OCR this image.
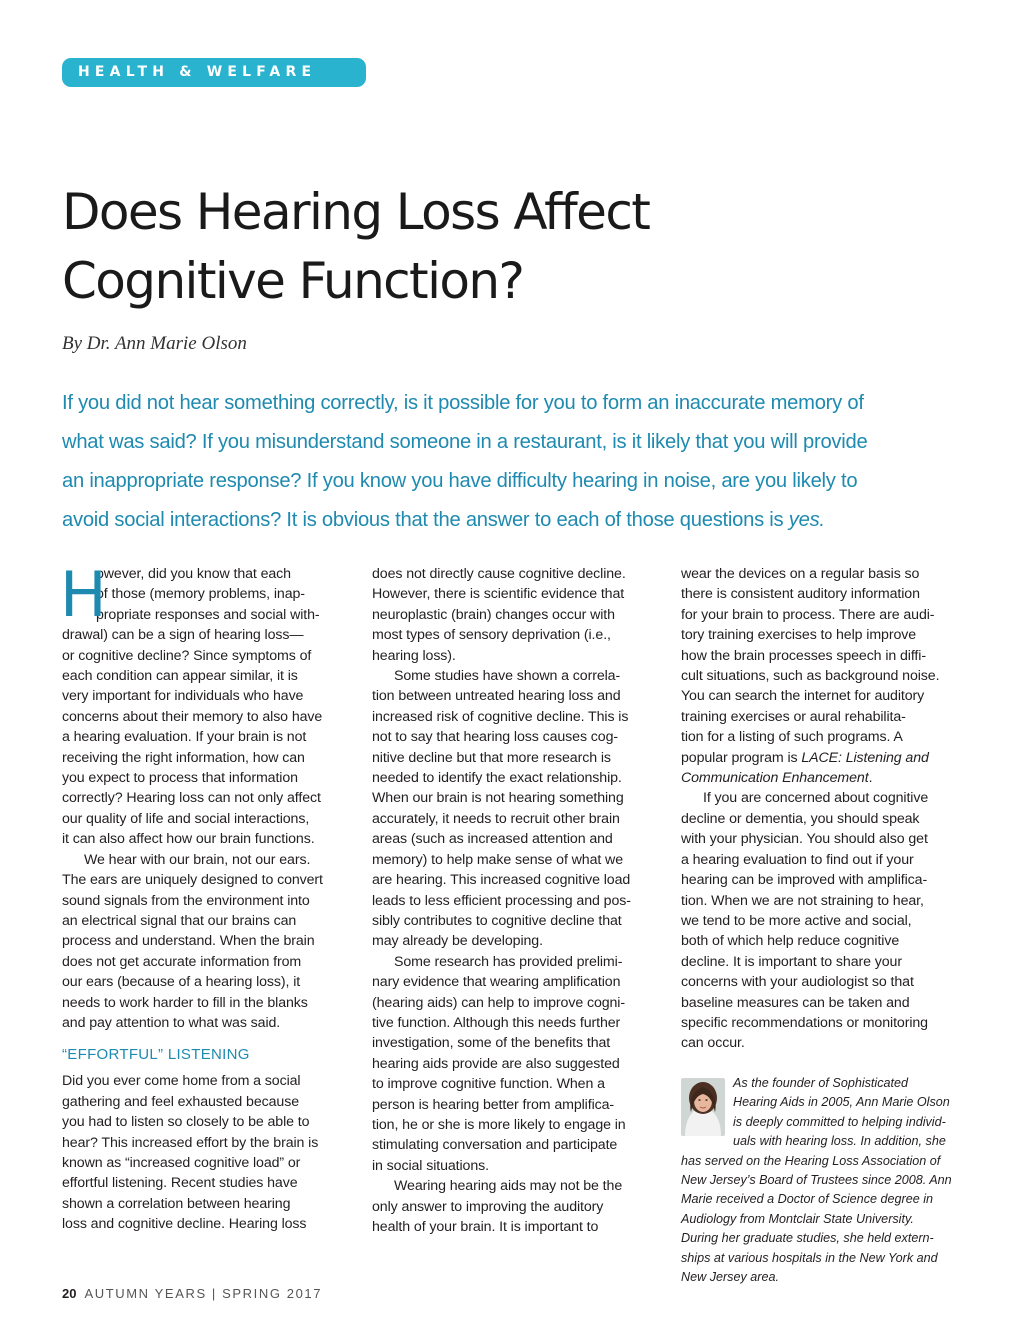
HEALTH & WELFARE
Does Hearing Loss Affect
Cognitive Function?

By Dr. Ann Marie Olson

If you did not hear something correctly, is it possible for you to form an inaccurate memory of
what was said? If you misunderstand someone in a restaurant, is it likely that you will provide
an inappropriate response? If you know you have difficulty hearing in noise, are you likely to
avoid social interactions? It is obvious that the answer to each of those questions is yes.
H
owever, did you know that each
of those (memory problems, inap-
propriate responses and social with-

drawal) can be a sign of hearing loss—
or cognitive decline? Since symptoms of
each condition can appear similar, it is
very important for individuals who have
concerns about their memory to also have
a hearing evaluation. If your brain is not
receiving the right information, how can
you expect to process that information
correctly? Hearing loss can not only affect
our quality of life and social interactions,
it can also affect how our brain functions.

We hear with our brain, not our ears.
The ears are uniquely designed to convert
sound signals from the environment into
an electrical signal that our brains can
process and understand. When the brain
does not get accurate information from
our ears (because of a hearing loss), it
needs to work harder to fill in the blanks
and pay attention to what was said.

“EFFORTFUL” LISTENING

Did you ever come home from a social
gathering and feel exhausted because
you had to listen so closely to be able to
hear? This increased effort by the brain is
known as “increased cognitive load” or
effortful listening. Recent studies have
shown a correlation between hearing
loss and cognitive decline. Hearing loss

does not directly cause cognitive decline.
However, there is scientific evidence that
neuroplastic (brain) changes occur with
most types of sensory deprivation (i.e.,
hearing loss).

Some studies have shown a correla-
tion between untreated hearing loss and
increased risk of cognitive decline. This is
not to say that hearing loss causes cog-
nitive decline but that more research is
needed to identify the exact relationship.
When our brain is not hearing something
accurately, it needs to recruit other brain
areas (such as increased attention and
memory) to help make sense of what we
are hearing. This increased cognitive load
leads to less efficient processing and pos-
sibly contributes to cognitive decline that
may already be developing.

Some research has provided prelimi-
nary evidence that wearing amplification
(hearing aids) can help to improve cogni-
tive function. Although this needs further
investigation, some of the benefits that
hearing aids provide are also suggested
to improve cognitive function. When a
person is hearing better from amplifica-
tion, he or she is more likely to engage in
stimulating conversation and participate
in social situations.

Wearing hearing aids may not be the
only answer to improving the auditory
health of your brain. It is important to

wear the devices on a regular basis so
there is consistent auditory information
for your brain to process. There are audi-
tory training exercises to help improve
how the brain processes speech in diffi-
cult situations, such as background noise.
You can search the internet for auditory
training exercises or aural rehabilita-
tion for a listing of such programs. A

popular program is LACE: Listening and
Communication Enhancement.

If you are concerned about cognitive
decline or dementia, you should speak
with your physician. You should also get
a hearing evaluation to find out if your
hearing can be improved with amplifica-
tion. When we are not straining to hear,
we tend to be more active and social,
both of which help reduce cognitive
decline. It is important to share your
concerns with your audiologist so that
baseline measures can be taken and
specific recommendations or monitoring
can occur.

As the founder of Sophisticated
Hearing Aids in 2005, Ann Marie Olson
is deeply committed to helping individ-
uals with hearing loss. In addition, she
has served on the Hearing Loss Association of
New Jersey’s Board of Trustees since 2008. Ann
Marie received a Doctor of Science degree in
Audiology from Montclair State University.
During her graduate studies, she held extern-
ships at various hospitals in the New York and
New Jersey area.
20 AUTUMN YEARS | SPRING 2017
